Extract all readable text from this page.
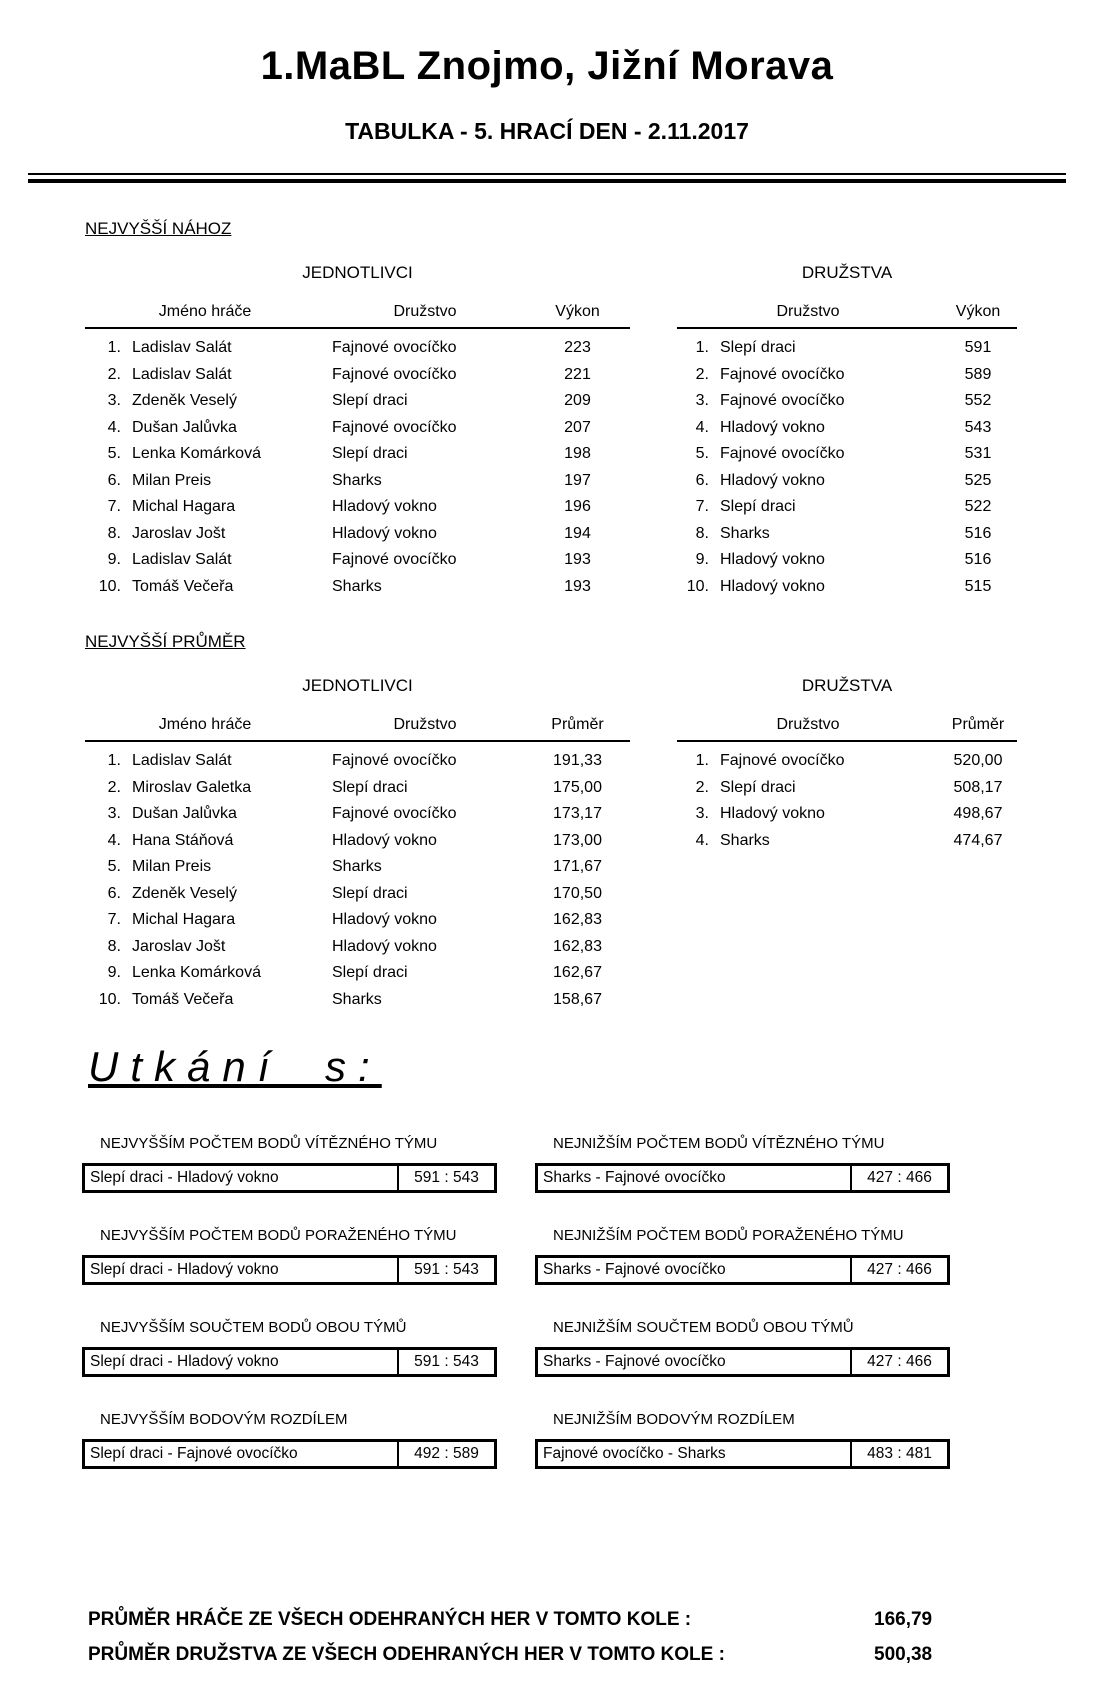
1.MaBL Znojmo, Jižní Morava
TABULKA - 5. HRACÍ DEN - 2.11.2017
NEJVYŠŠÍ NÁHOZ
JEDNOTLIVCI
Jméno hráče	Družstvo	Výkon
1. Ladislav Salát	Fajnové ovocíčko	223
2. Ladislav Salát	Fajnové ovocíčko	221
3. Zdeněk Veselý	Slepí draci	209
4. Dušan Jalůvka	Fajnové ovocíčko	207
5. Lenka Komárková	Slepí draci	198
6. Milan Preis	Sharks	197
7. Michal Hagara	Hladový vokno	196
8. Jaroslav Jošt	Hladový vokno	194
9. Ladislav Salát	Fajnové ovocíčko	193
10. Tomáš Večeřa	Sharks	193
DRUŽSTVA
Družstvo	Výkon
1. Slepí draci	591
2. Fajnové ovocíčko	589
3. Fajnové ovocíčko	552
4. Hladový vokno	543
5. Fajnové ovocíčko	531
6. Hladový vokno	525
7. Slepí draci	522
8. Sharks	516
9. Hladový vokno	516
10. Hladový vokno	515
NEJVYŠŠÍ PRŮMĚR
JEDNOTLIVCI
Jméno hráče	Družstvo	Průměr
1. Ladislav Salát	Fajnové ovocíčko	191,33
2. Miroslav Galetka	Slepí draci	175,00
3. Dušan Jalůvka	Fajnové ovocíčko	173,17
4. Hana Stáňová	Hladový vokno	173,00
5. Milan Preis	Sharks	171,67
6. Zdeněk Veselý	Slepí draci	170,50
7. Michal Hagara	Hladový vokno	162,83
8. Jaroslav Jošt	Hladový vokno	162,83
9. Lenka Komárková	Slepí draci	162,67
10. Tomáš Večeřa	Sharks	158,67
DRUŽSTVA
Družstvo	Průměr
1. Fajnové ovocíčko	520,00
2. Slepí draci	508,17
3. Hladový vokno	498,67
4. Sharks	474,67
Utkání s:
NEJVYŠŠÍM POČTEM BODŮ VÍTĚZNÉHO TÝMU
Slepí draci - Hladový vokno	591 : 543
NEJNIŽŠÍM POČTEM BODŮ VÍTĚZNÉHO TÝMU
Sharks - Fajnové ovocíčko	427 : 466
NEJVYŠŠÍM POČTEM BODŮ PORAŽENÉHO TÝMU
Slepí draci - Hladový vokno	591 : 543
NEJNIŽŠÍM POČTEM BODŮ PORAŽENÉHO TÝMU
Sharks - Fajnové ovocíčko	427 : 466
NEJVYŠŠÍM SOUČTEM BODŮ OBOU TÝMŮ
Slepí draci - Hladový vokno	591 : 543
NEJNIŽŠÍM SOUČTEM BODŮ OBOU TÝMŮ
Sharks - Fajnové ovocíčko	427 : 466
NEJVYŠŠÍM BODOVÝM ROZDÍLEM
Slepí draci - Fajnové ovocíčko	492 : 589
NEJNIŽŠÍM BODOVÝM ROZDÍLEM
Fajnové ovocíčko - Sharks	483 : 481
PRŮMĚR HRÁČE ZE VŠECH ODEHRANÝCH HER V TOMTO KOLE :	166,79
PRŮMĚR DRUŽSTVA ZE VŠECH ODEHRANÝCH HER V TOMTO KOLE :	500,38
